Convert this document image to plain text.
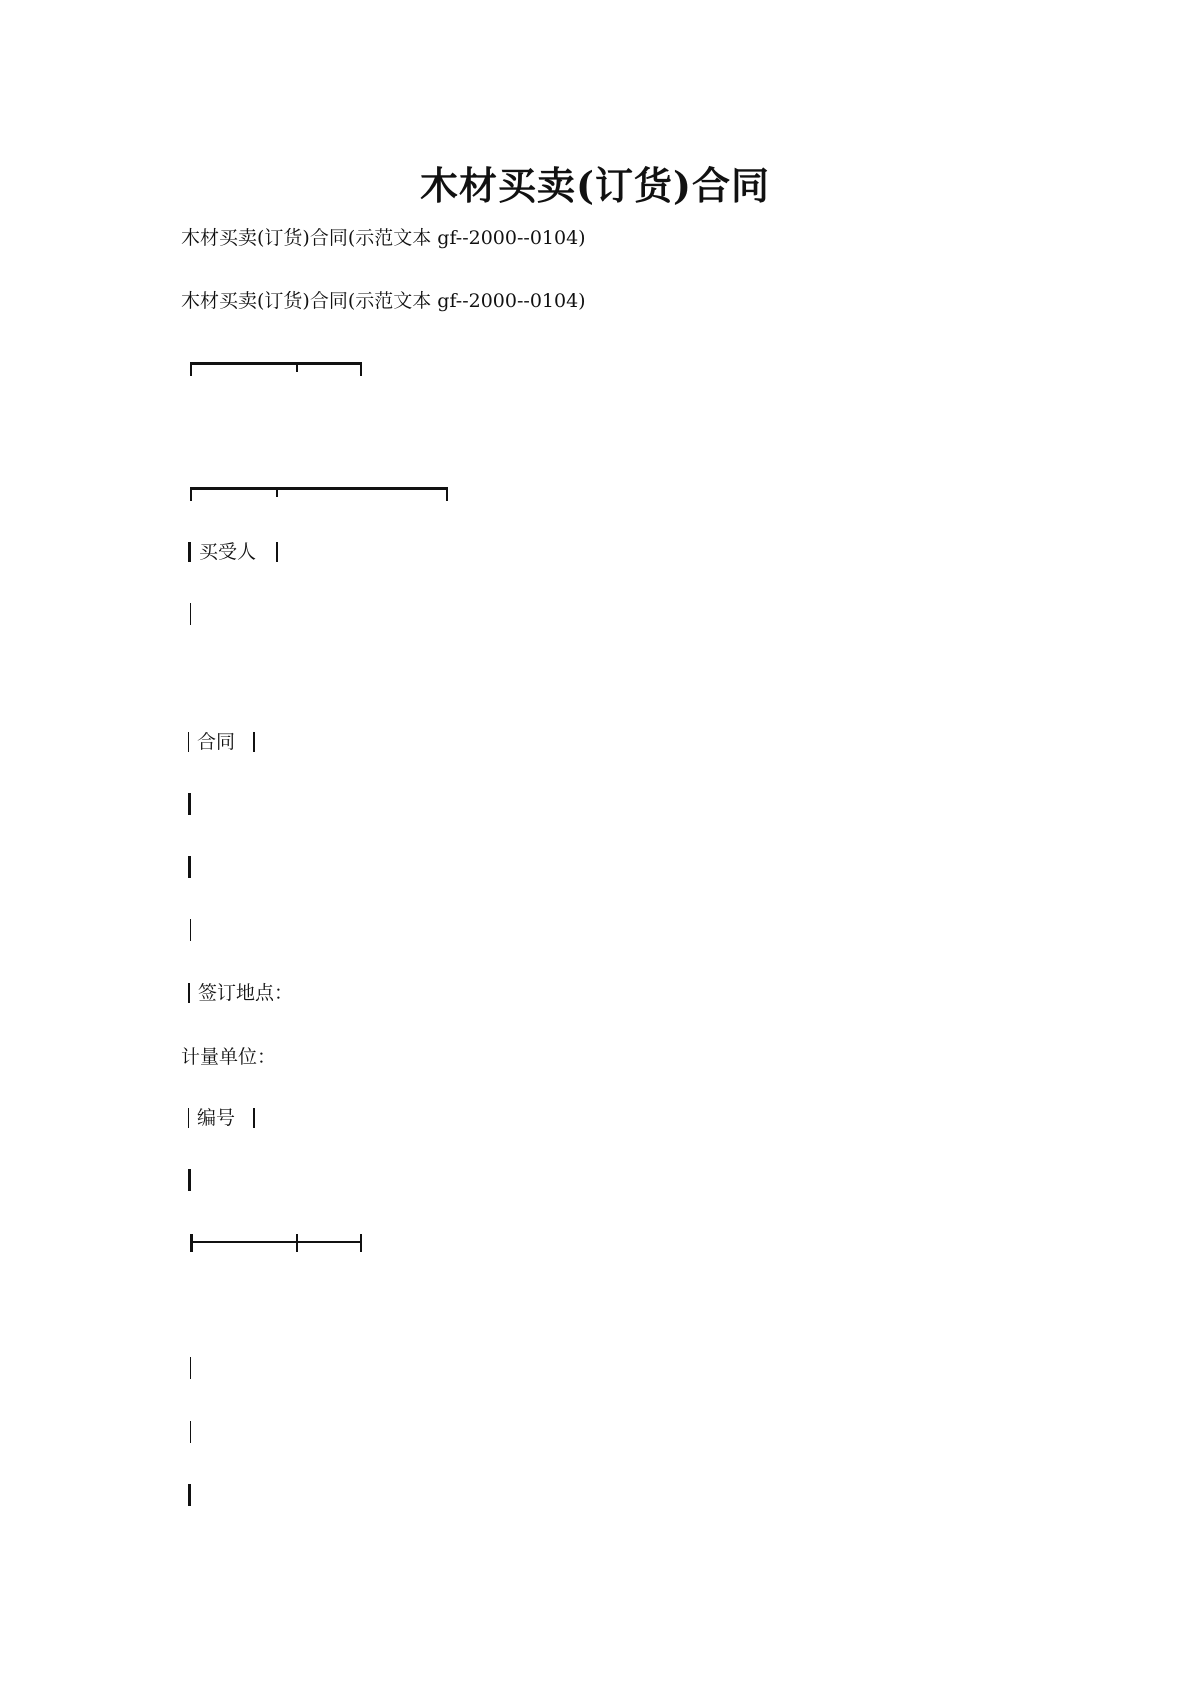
木材买卖(订货)合同
木材买卖(订货)合同(示范文本 gf--2000--0104)
木材买卖(订货)合同(示范文本 gf--2000--0104)
买受人
合同
签订地点：
计量单位：
编号
